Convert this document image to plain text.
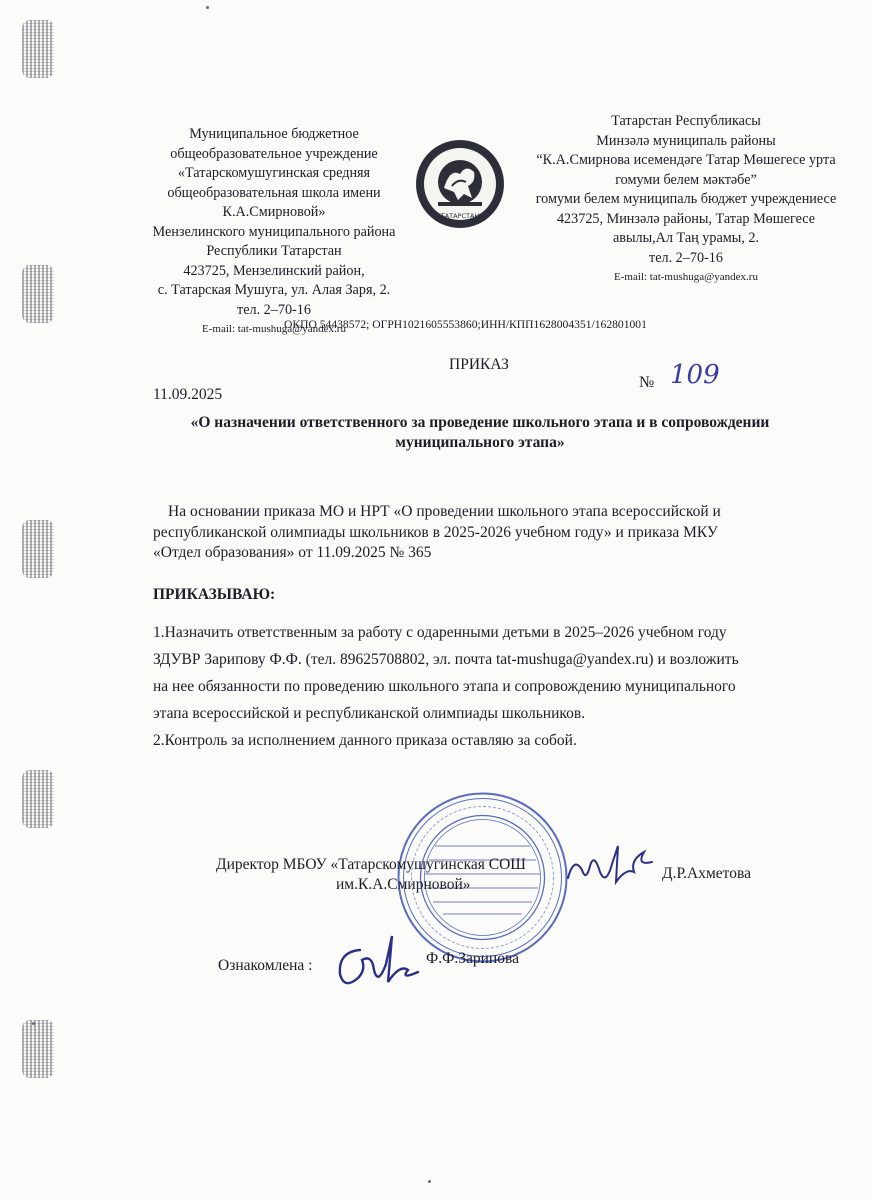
Муниципальное бюджетное
общеобразовательное учреждение
«Татарскомушугинская средняя
общеобразовательная школа имени
К.А.Смирновой»
Мензелинского муниципального района
Республики Татарстан
423725, Мензелинский район,
с. Татарская Мушуга, ул. Алая Заря, 2.
тел. 2–70-16
E-mail: tat-mushuga@yandex.ru
ТАТАРСТАН
Татарстан Республикасы
Минзәлә муниципаль районы
“К.А.Смирнова исемендәге Татар Мөшегесе урта
гомуми белем мәктәбе”
гомуми белем муниципаль бюджет учреждениесе
423725, Минзәлә районы, Татар Мөшегесе
авылы,Ал Таң урамы, 2.
тел. 2–70-16
E-mail: tat-mushuga@yandex.ru
ОКПО 54438572; ОГРН1021605553860;ИНН/КПП1628004351/162801001
ПРИКАЗ
11.09.2025
№ 109
«О назначении ответственного за проведение школьного этапа и в сопровождении
муниципального этапа»
На основании приказа МО и НРТ «О проведении школьного этапа всероссийской и
республиканской олимпиады школьников в 2025-2026 учебном году» и приказа МКУ
«Отдел образования» от 11.09.2025 № 365
ПРИКАЗЫВАЮ:
1.Назначить ответственным за работу с одаренными детьми в 2025–2026 учебном году
ЗДУВР Зарипову Ф.Ф. (тел. 89625708802, эл. почта tat-mushuga@yandex.ru) и возложить
на нее обязанности по проведению школьного этапа и сопровождению муниципального
этапа всероссийской и республиканской олимпиады школьников.
2.Контроль за исполнением данного приказа оставляю за собой.
Директор МБОУ «Татарскомушугинская СОШ
им.К.А.Смирновой»
Д.Р.Ахметова
Ознакомлена :	Ф.Ф.Зарипова
